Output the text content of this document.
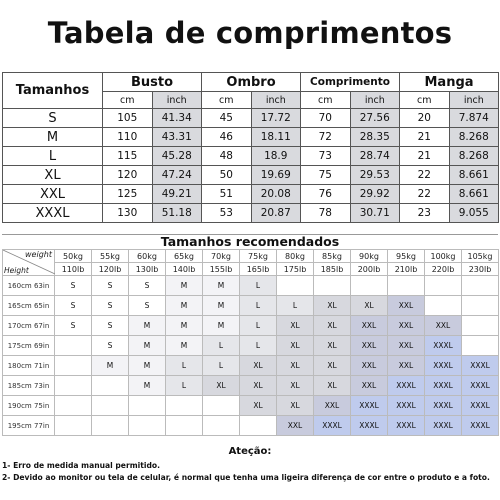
Tabela de comprimentos
Tamanhos	Busto		Ombro		Comprimento		Manga	
	cm	inch	cm	inch	cm	inch	cm	inch
S	105	41.34	45	17.72	70	27.56	20	7.874
M	110	43.31	46	18.11	72	28.35	21	8.268
L	115	45.28	48	18.9	73	28.74	21	8.268
XL	120	47.24	50	19.69	75	29.53	22	8.661
XXL	125	49.21	51	20.08	76	29.92	22	8.661
XXXL	130	51.18	53	20.87	78	30.71	23	9.055
Tamanhos recomendados
weight
Height	50kg	55kg	60kg	65kg	70kg	75kg	80kg	85kg	90kg	95kg	100kg	105kg
	110lb	120lb	130lb	140lb	155lb	165lb	175lb	185lb	200lb	210lb	220lb	230lb
160cm 63in	S	S	S	M	M	L						
165cm 65in	S	S	S	M	M	L	L	XL	XL	XXL		
170cm 67in	S	S	M	M	M	L	XL	XL	XXL	XXL	XXL	
175cm 69in		S	M	M	L	L	XL	XL	XXL	XXL	XXXL	
180cm 71in		M	M	L	L	XL	XL	XL	XXL	XXL	XXXL	XXXL
185cm 73in			M	L	XL	XL	XL	XL	XXL	XXXL	XXXL	XXXL
190cm 75in						XL	XL	XXL	XXXL	XXXL	XXXL	XXXL
195cm 77in							XXL	XXXL	XXXL	XXXL	XXXL	XXXL
Ateção:
1- Erro de medida manual permitido.
2- Devido ao monitor ou tela de celular, é normal que tenha uma ligeira diferença de cor entre o produto e a foto.
